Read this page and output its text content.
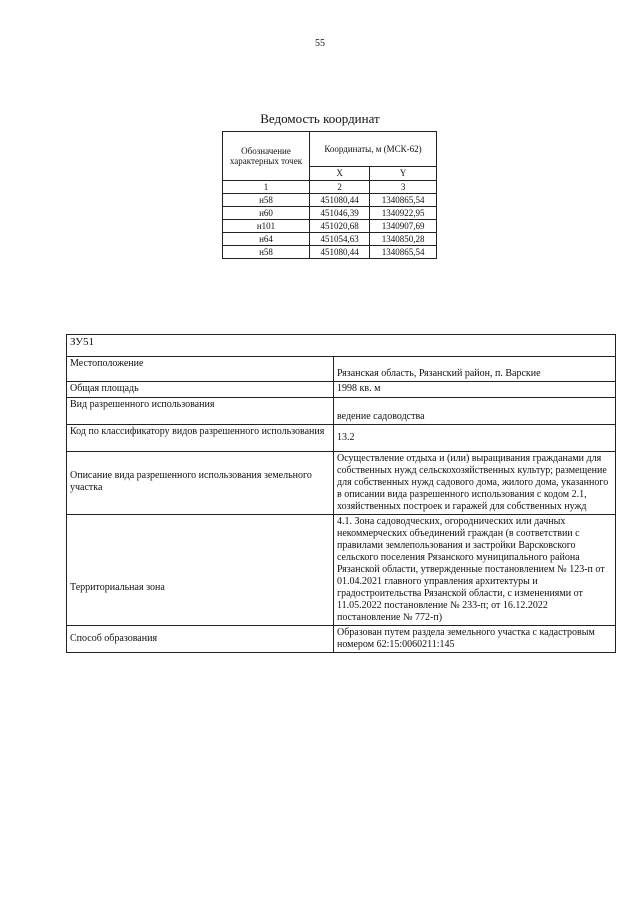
55
Ведомость координат
Обозначение характерных точек	Координаты, м (МСК-62)	
	X	Y
1	2	3
н58	451080,44	1340865,54
н60	451046,39	1340922,95
н101	451020,68	1340907,69
н64	451054,63	1340850,28
н58	451080,44	1340865,54
ЗУ51	
Местоположение	Рязанская область, Рязанский район, п. Варские
Общая площадь	1998 кв. м
Вид разрешенного использования	ведение садоводства
Код по классификатору видов разрешенного использования	13.2
Описание вида разрешенного использования земельного участка	Осуществление отдыха и (или) выращивания гражданами для собственных нужд сельскохозяйственных культур; размещение для собственных нужд садового дома, жилого дома, указанного в описании вида разрешенного использования с кодом 2.1, хозяйственных построек и гаражей для собственных нужд
Территориальная зона	4.1. Зона садоводческих, огороднических или дачных некоммерческих объединений граждан (в соответствии с правилами землепользования и застройки Варсковского сельского поселения Рязанского муниципального района Рязанской области, утвержденные постановлением № 123-п от 01.04.2021 главного управления архитектуры и градостроительства Рязанской области, с изменениями от 11.05.2022 постановление № 233-п; от 16.12.2022 постановление № 772-п)
Способ образования	Образован путем раздела земельного участка с кадастровым номером 62:15:0060211:145
